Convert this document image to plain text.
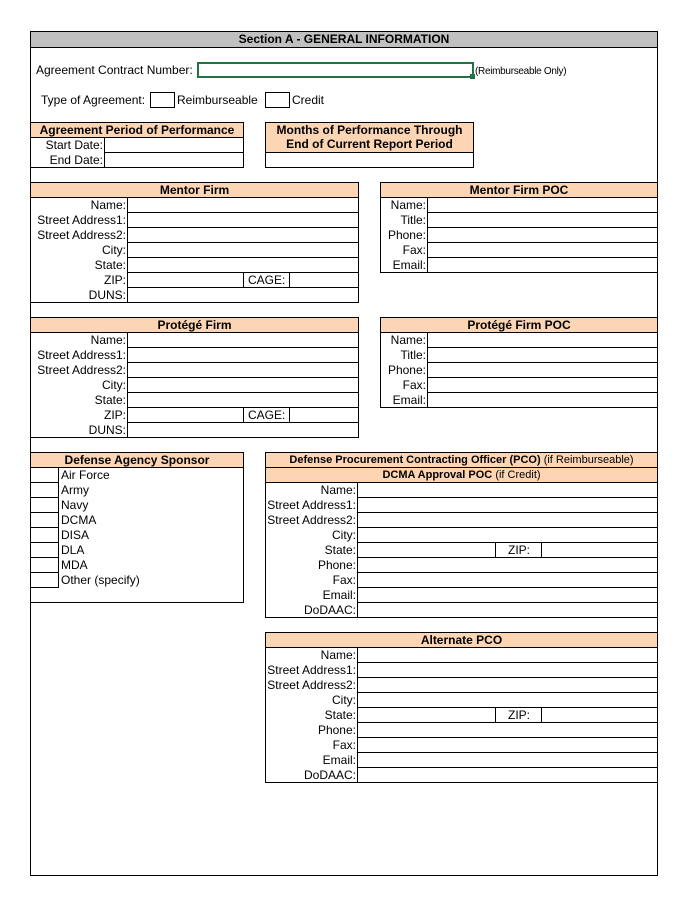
Section A - GENERAL INFORMATION
Agreement Contract Number:	(Reimburseable Only)
Type of Agreement:	Reimburseable	Credit
Agreement Period of Performance
Start Date:
End Date:
Months of Performance Through
End of Current Report Period
Mentor Firm
Name:
Street Address1:
Street Address2:
City:
State:
ZIP:	CAGE:
DUNS:
Mentor Firm POC
Name:
Title:
Phone:
Fax:
Email:
Protégé Firm
Name:
Street Address1:
Street Address2:
City:
State:
ZIP:	CAGE:
DUNS:
Protégé Firm POC
Name:
Title:
Phone:
Fax:
Email:
Defense Agency Sponsor
Air Force
Army
Navy
DCMA
DISA
DLA
MDA
Other (specify)
Defense Procurement Contracting Officer (PCO) (if Reimburseable)
DCMA Approval POC (if Credit)
Name:
Street Address1:
Street Address2:
City:
State:	ZIP:
Phone:
Fax:
Email:
DoDAAC:
Alternate PCO
Name:
Street Address1:
Street Address2:
City:
State:	ZIP:
Phone:
Fax:
Email:
DoDAAC:
